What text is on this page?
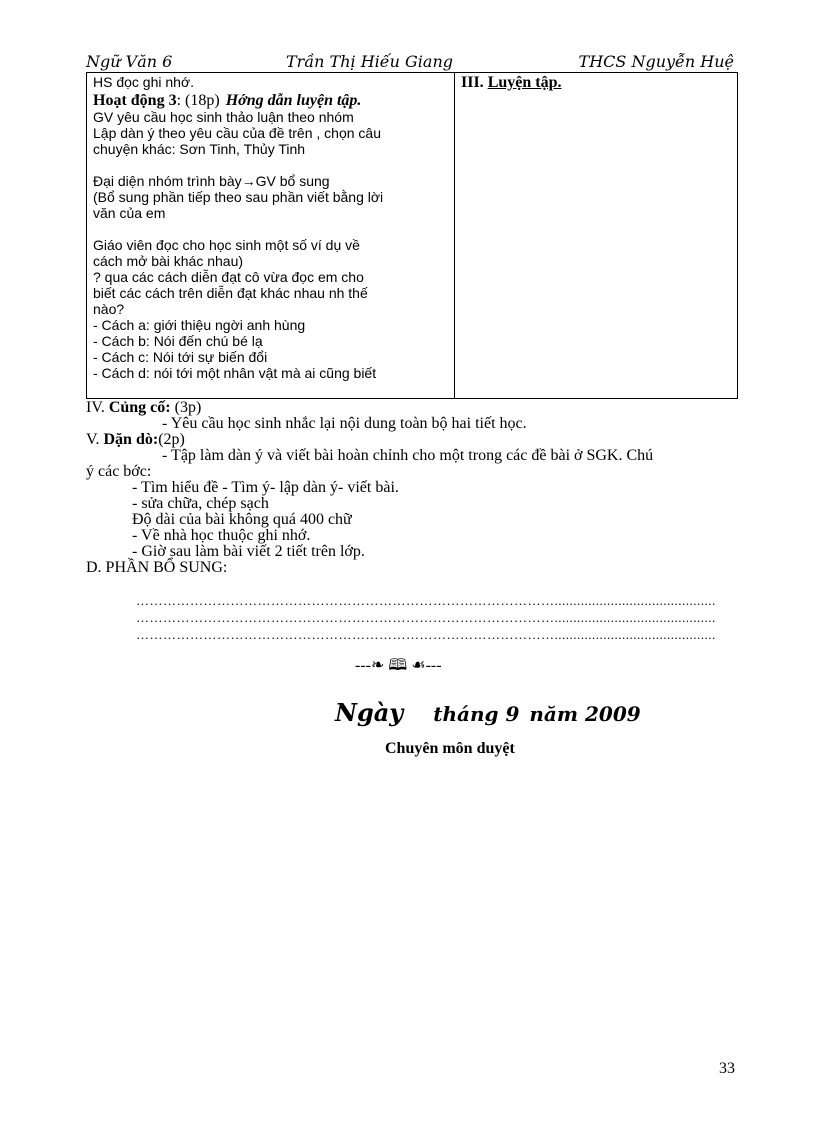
Ngữ Văn 6	Trần Thị Hiếu Giang	THCS Nguyễn Huệ

HS đọc ghi nhớ.

Hoạt động 3: (18p) Hớng dẫn luyện tập.

GV yêu cầu học sinh thảo luận theo nhóm

Lập dàn ý theo yêu cầu của đề trên , chọn câu

chuyện khác: Sơn Tinh, Thủy Tinh

Đại diện nhóm trình bày→GV bổ sung

(Bổ sung phần tiếp theo sau phần viết bằng lời

văn của em

Giáo viên đọc cho học sinh một số ví dụ về

cách mở bài khác nhau)

? qua các cách diễn đạt cô vừa đọc em cho

biết các cách trên diễn đạt khác nhau nh thế

nào?

- Cách a: giới thiệu ngời anh hùng

- Cách b: Nói đến chú bé lạ

- Cách c: Nói tới sự biến đổi

- Cách d: nói tới một nhân vật mà ai cũng biết

III. Luyện tập.
IV. Củng cố: (3p)
- Yêu cầu học sinh nhắc lại nội dung toàn bộ hai tiết học.
V. Dặn dò:(2p)
- Tập làm dàn ý và viết bài hoàn chỉnh cho một trong các đề bài ở SGK. Chú
ý các bớc:
- Tìm hiểu đề - Tìm ý- lập dàn ý- viết bài.
- sửa chữa, chép sạch
Độ dài của bài không quá 400 chữ
- Về nhà học thuộc ghi nhớ.
- Giờ sau làm bài viết 2 tiết trên lớp.
D. PHẦN BỔ SUNG:
…………………………………………………………………………………...........................................
…………………………………………………………………………………...........................................
…………………………………………………………………………………...........................................
---❧ 🕮 ☙---
Ngày tháng 9 năm 2009
Chuyên môn duyệt
33
